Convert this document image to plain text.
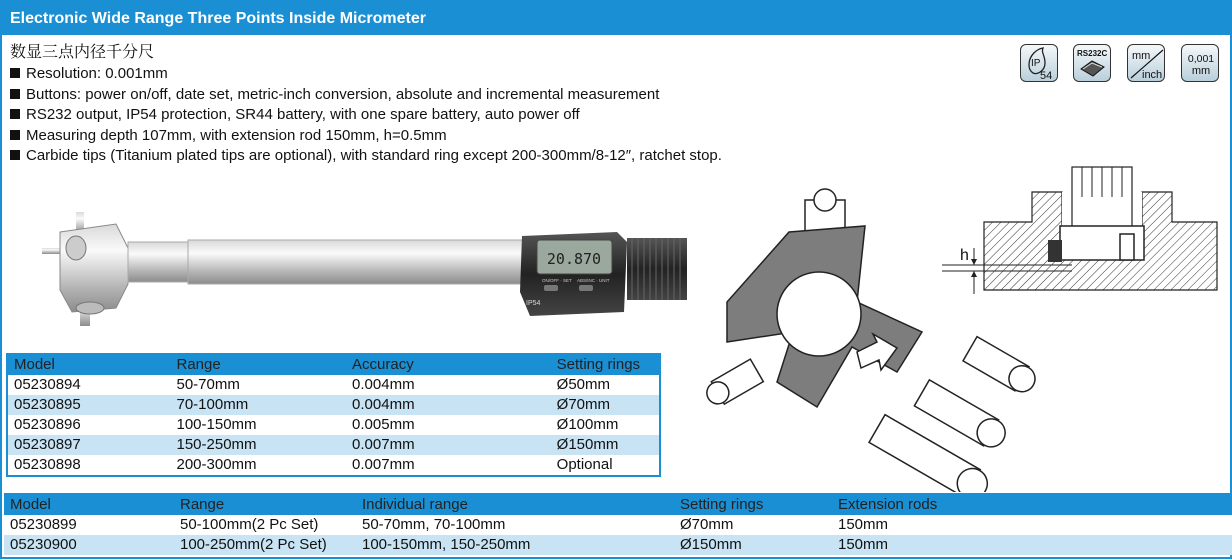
Electronic Wide Range Three Points Inside Micrometer
数显三点内径千分尺
Resolution: 0.001mm
Buttons: power on/off, date set, metric-inch conversion, absolute and incremental measurement
RS232 output, IP54 protection, SR44 battery, with one spare battery, auto power off
Measuring depth 107mm, with extension rod 150mm, h=0.5mm
Carbide tips (Titanium plated tips are optional), with standard ring except 200-300mm/8-12″, ratchet stop.
IP
54
RS232C mm
inch
0,001
mm
20.870
ON/OFF · SET ABS/INC · UNIT
IP54
h
Model	Range	Accuracy	Setting rings
05230894	50-70mm	0.004mm	Ø50mm
05230895	70-100mm	0.004mm	Ø70mm
05230896	100-150mm	0.005mm	Ø100mm
05230897	150-250mm	0.007mm	Ø150mm
05230898	200-300mm	0.007mm	Optional
Model	Range	Individual range	Setting rings	Extension rods
05230899	50-100mm(2 Pc Set)	50-70mm, 70-100mm	Ø70mm	150mm
05230900	100-250mm(2 Pc Set)	100-150mm, 150-250mm	Ø150mm	150mm
